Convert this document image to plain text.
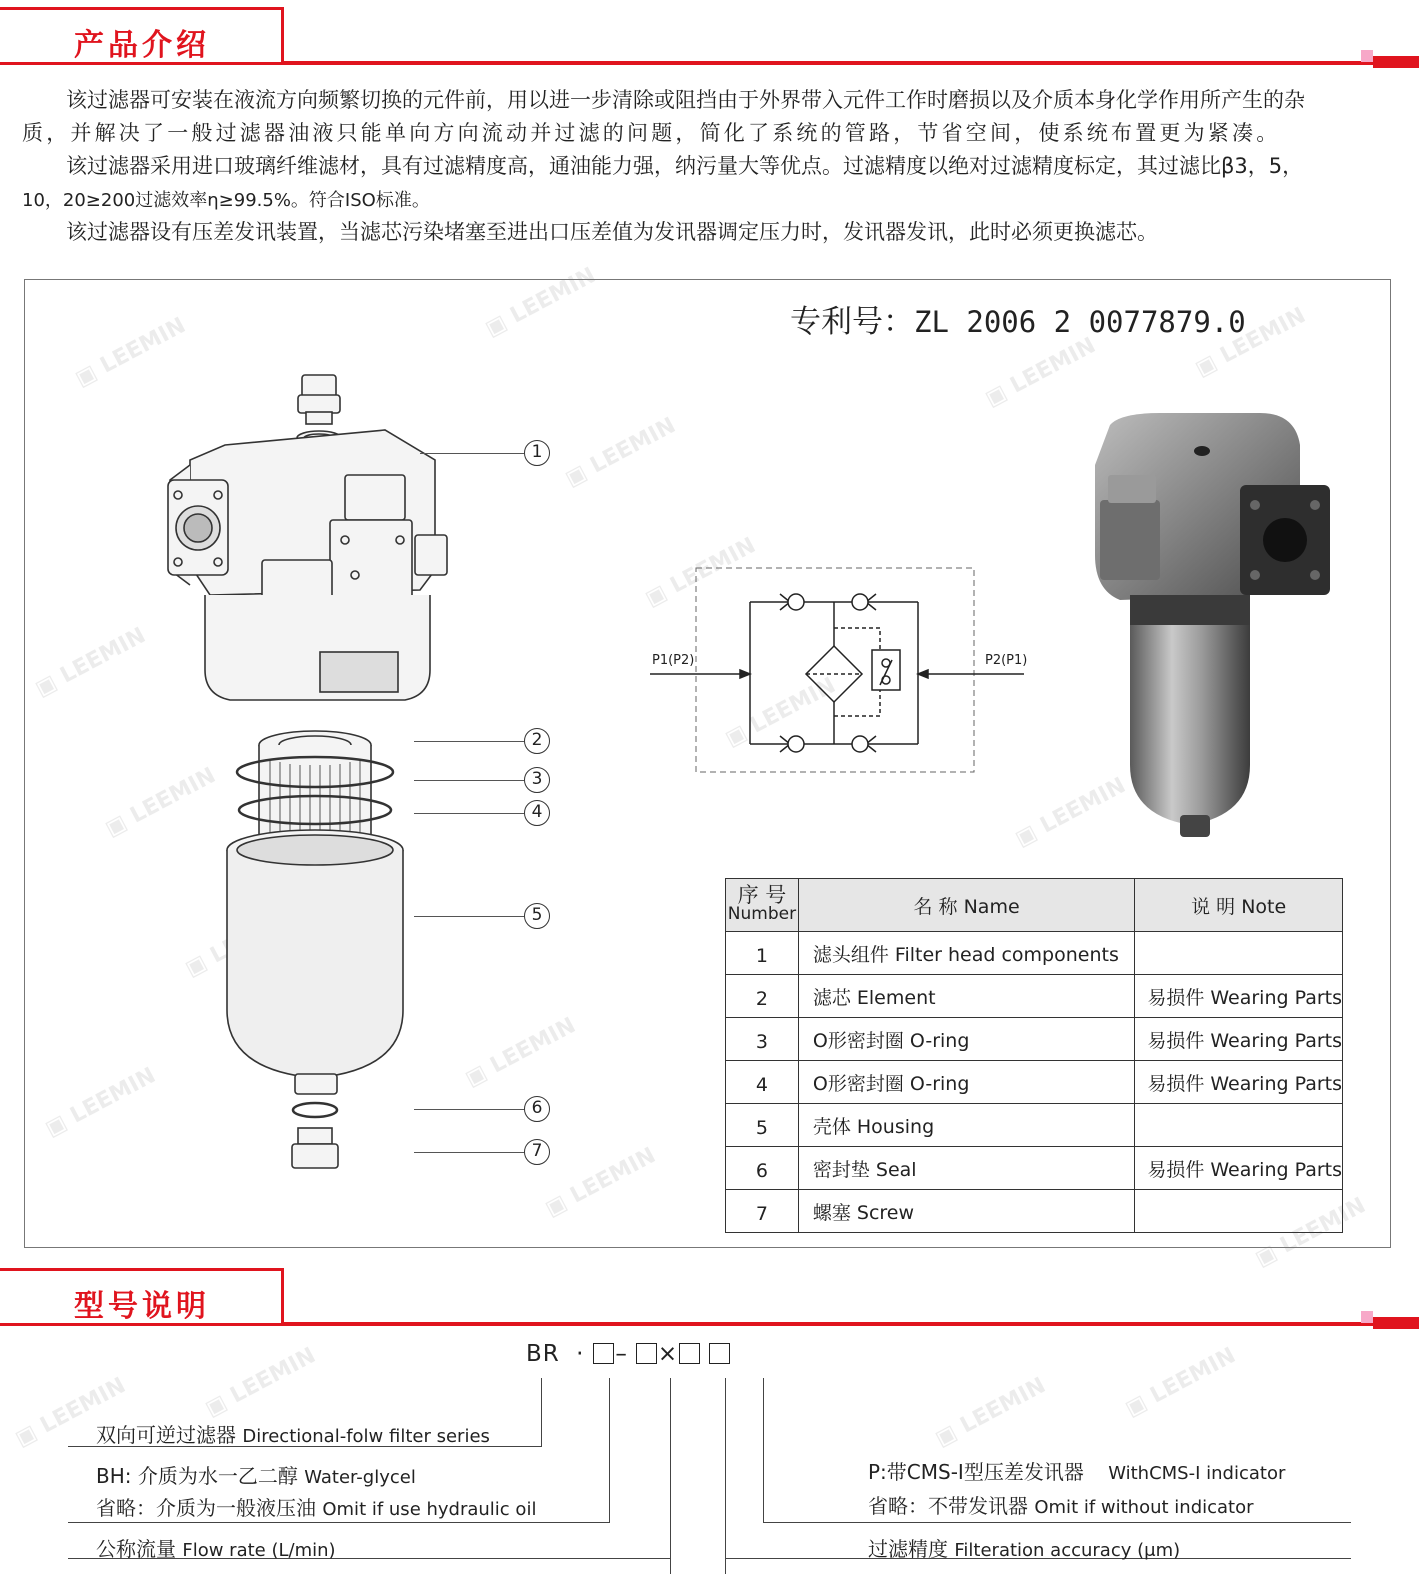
▣ LEEMIN
▣ LEEMIN
▣ LEEMIN
▣ LEEMIN
▣ LEEMIN
▣ LEEMIN
▣ LEEMIN
▣ LEEMIN
▣ LEEMIN	▣ LEEMIN
▣
▣ LEEMIN
▣ LEEMIN
▣ LEEMIN
▣ LEEMIN
▣ LEEMIN	▣ LEEMIN	▣ LEEMIN
▣ LEEMIN
产品介绍
该过滤器可安装在液流方向频繁切换的元件前，用以进一步清除或阻挡由于外界带入元件工作时磨损以及介质本身化学作用所产生的杂
质，并解决了一般过滤器油液只能单向方向流动并过滤的问题，简化了系统的管路，节省空间，使系统布置更为紧凑。
该过滤器采用进口玻璃纤维滤材，具有过滤精度高，通油能力强，纳污量大等优点。过滤精度以绝对过滤精度标定，其过滤比β3，5，
10，20≥200过滤效率η≥99.5%。符合ISO标准。
该过滤器设有压差发讯装置，当滤芯污染堵塞至进出口压差值为发讯器调定压力时，发讯器发讯，此时必须更换滤芯。
专利号：ZL 2006 2 0077879.0
1
2
3
4
5
6
7
P1(P2)	P2(P1)
序 号
Number	名 称 Name	说 明 Note
1	滤头组件 Filter head components	
2	滤芯 Element	易损件 Wearing Parts
3	O形密封圈 O-ring	易损件 Wearing Parts
4	O形密封圈 O-ring	易损件 Wearing Parts
5	壳体 Housing	
6	密封垫 Seal	易损件 Wearing Parts
7	螺塞 Screw	
型号说明
BR · – ×
双向可逆过滤器 Directional-folw filter series
BH: 介质为水一乙二醇 Water-glycel
省略：介质为一般液压油 Omit if use hydraulic oil
公称流量 Flow rate (L/min)
P:带CMS-I型压差发讯器 WithCMS-I indicator
省略：不带发讯器 Omit if without indicator
过滤精度 Filteration accuracy (μm)
